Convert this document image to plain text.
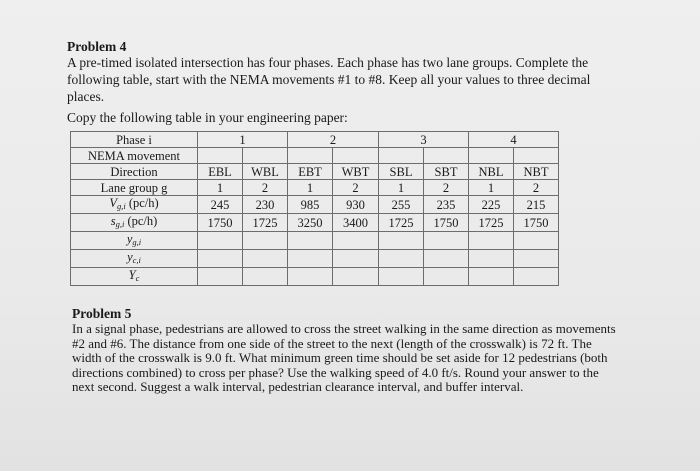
Problem 4
A pre-timed isolated intersection has four phases. Each phase has two lane groups. Complete the following table, start with the NEMA movements #1 to #8. Keep all your values to three decimal places.
Copy the following table in your engineering paper:
Phase i	1		2		3		4	
NEMA movement								
Direction	EBL	WBL	EBT	WBT	SBL	SBT	NBL	NBT
Lane group g	1	2	1	2	1	2	1	2
$V_{g,i}$ (pc/h)	245	230	985	930	255	235	225	215
$s_{g,i}$ (pc/h)	1750	1725	3250	3400	1725	1750	1725	1750
$y_{g,i}$								
$y_{c,i}$								
$Y_c$								
Problem 5
In a signal phase, pedestrians are allowed to cross the street walking in the same direction as movements #2 and #6. The distance from one side of the street to the next (length of the crosswalk) is 72 ft. The width of the crosswalk is 9.0 ft. What minimum green time should be set aside for 12 pedestrians (both directions combined) to cross per phase? Use the walking speed of 4.0 ft/s. Round your answer to the next second. Suggest a walk interval, pedestrian clearance interval, and buffer interval.
